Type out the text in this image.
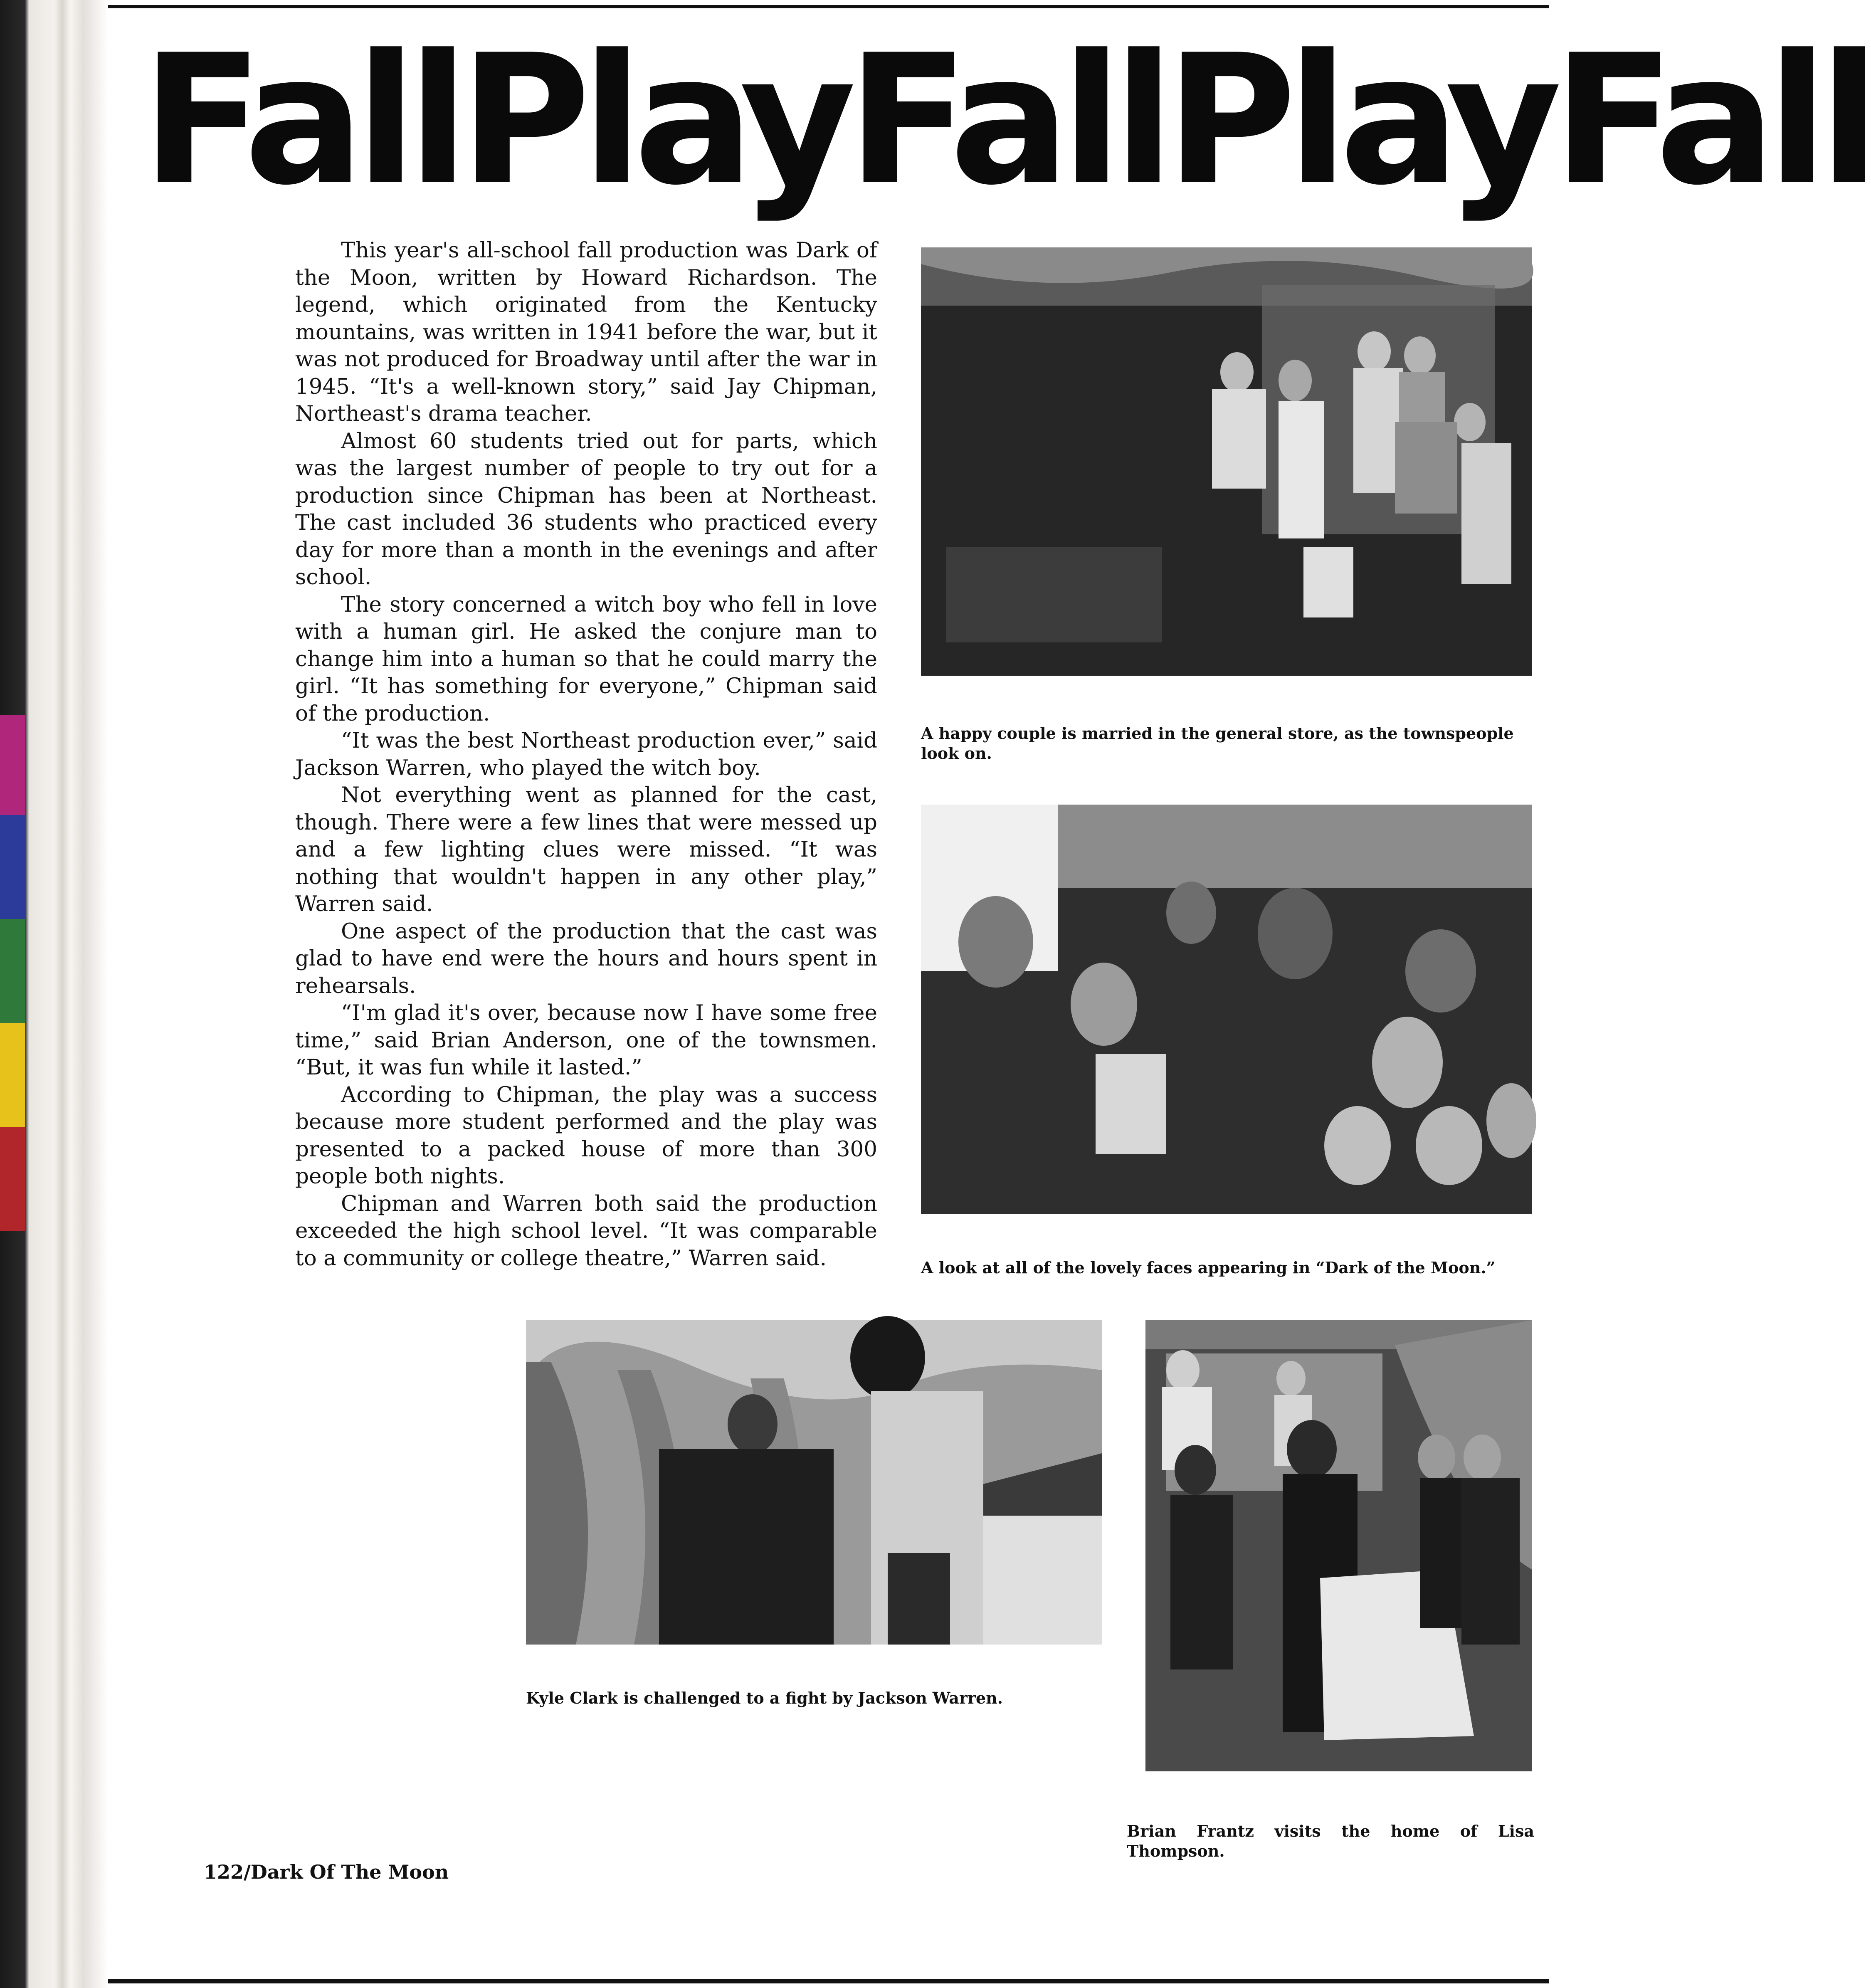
FallPlayFallPlayFall

This year's all-school fall production was Dark of the Moon, written by Howard Richardson. The legend, which originated from the Kentucky mountains, was written in 1941 before the war, but it was not produced for Broadway until after the war in 1945. “It's a well-known story,” said Jay Chipman, Northeast's drama teacher.

Almost 60 students tried out for parts, which was the largest number of people to try out for a production since Chipman has been at Northeast. The cast included 36 students who practiced every day for more than a month in the evenings and after school.

The story concerned a witch boy who fell in love with a human girl. He asked the conjure man to change him into a human so that he could marry the girl. “It has something for everyone,” Chipman said of the production.

“It was the best Northeast production ever,” said Jackson Warren, who played the witch boy.

Not everything went as planned for the cast, though. There were a few lines that were messed up and a few lighting clues were missed. “It was nothing that wouldn't happen in any other play,” Warren said.

One aspect of the production that the cast was glad to have end were the hours and hours spent in rehearsals.

“I'm glad it's over, because now I have some free time,” said Brian Anderson, one of the townsmen. “But, it was fun while it lasted.”

According to Chipman, the play was a success because more student performed and the play was presented to a packed house of more than 300 people both nights.

Chipman and Warren both said the production exceeded the high school level. “It was comparable to a community or college theatre,” Warren said.

A happy couple is married in the general store, as the townspeople look on.
A look at all of the lovely faces appearing in “Dark of the Moon.”
Kyle Clark is challenged to a fight by Jackson Warren.
Brian Frantz visits the home of Lisa Thompson.
122/Dark Of The Moon
